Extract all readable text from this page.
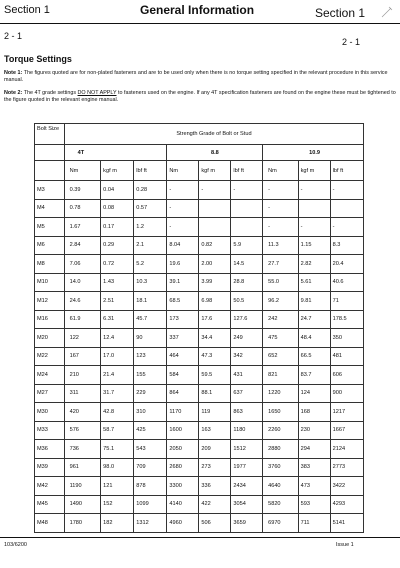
Section 1	General Information	Section 1
2 - 1
2 - 1
Torque Settings
Note 1: The figures quoted are for non-plated fasteners and are to be used only when there is no torque setting specified in the relevant procedure in this service manual.
Note 2: The 4T grade settings DO NOT APPLY to fasteners used on the engine. If any 4T specification fasteners are found on the engine these must be tightened to the figure quoted in the relevant engine manual.
Bolt Size	Strength Grade of Bolt or Stud										
		4T			8.8				10.9		
		Nm	kgf m	lbf ft	Nm	kgf m	lbf ft		Nm	kgf m	lbf ft
M3		0.39	0.04	0.28	-	-	-		-	-	-
M4		0.78	0.08	0.57	-				-		
M5		1.67	0.17	1.2	-				-	-	-
M6		2.84	0.29	2.1	8.04	0.82	5.9		11.3	1.15	8.3
M8		7.06	0.72	5.2	19.6	2.00	14.5		27.7	2.82	20.4
M10		14.0	1.43	10.3	39.1	3.99	28.8		55.0	5.61	40.6
M12		24.6	2.51	18.1	68.5	6.98	50.5		96.2	9.81	71
M16		61.9	6.31	45.7	173	17.6	127.6		242	24.7	178.5
M20		122	12.4	90	337	34.4	249		475	48.4	350
M22		167	17.0	123	464	47.3	342		652	66.5	481
M24		210	21.4	155	584	59.5	431		821	83.7	606
M27		311	31.7	229	864	88.1	637		1220	124	900
M30		420	42.8	310	1170	119	863		1650	168	1217
M33		576	58.7	425	1600	163	1180		2260	230	1667
M36		736	75.1	543	2050	209	1512		2880	294	2124
M39		961	98.0	709	2680	273	1977		3760	383	2773
M42		1190	121	878	3300	336	2434		4640	473	3422
M45		1490	152	1099	4140	422	3054		5820	593	4293
M48		1780	182	1312	4960	506	3659		6970	711	5141
103/6200	Issue 1
